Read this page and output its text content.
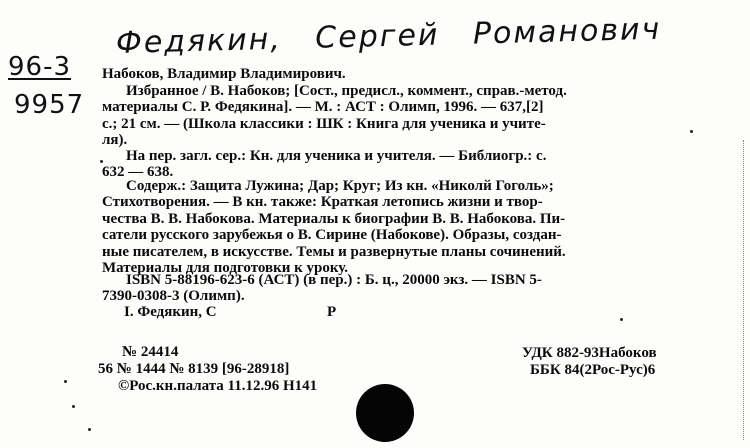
Федякин, Сергей Романович
96-3
9957
Набоков, Владимир Владимирович.
Избранное / В. Набоков; [Сост., предисл., коммент., справ.-метод.
материалы С. Р. Федякина]. — М. : АСТ : Олимп, 1996. — 637,[2]
с.; 21 см. — (Школа классики : ШК : Книга для ученика и учите-
ля).
На пер. загл. сер.: Кн. для ученика и учителя. — Библиогр.: с.
632 — 638.
Содерж.: Защита Лужина; Дар; Круг; Из кн. «Николй Гоголь»;
Стихотворения. — В кн. также: Краткая летопись жизни и твор-
чества В. В. Набокова. Материалы к биографии В. В. Набокова. Пи-
сатели русского зарубежья о В. Сирине (Набокове). Образы, создан-
ные писателем, в искусстве. Темы и развернутые планы сочинений.
Материалы для подготовки к уроку.
ISBN 5-88196-623-6 (АСТ) (в пер.) : Б. ц., 20000 экз. — ISBN 5-
7390-0308-3 (Олимп).
I. Федякин, С	Р
№ 24414
56 № 1444 № 8139 [96-28918]
©Рос.кн.палата 11.12.96 Н141
УДК 882-93Набоков
ББК 84(2Рос-Рус)6
